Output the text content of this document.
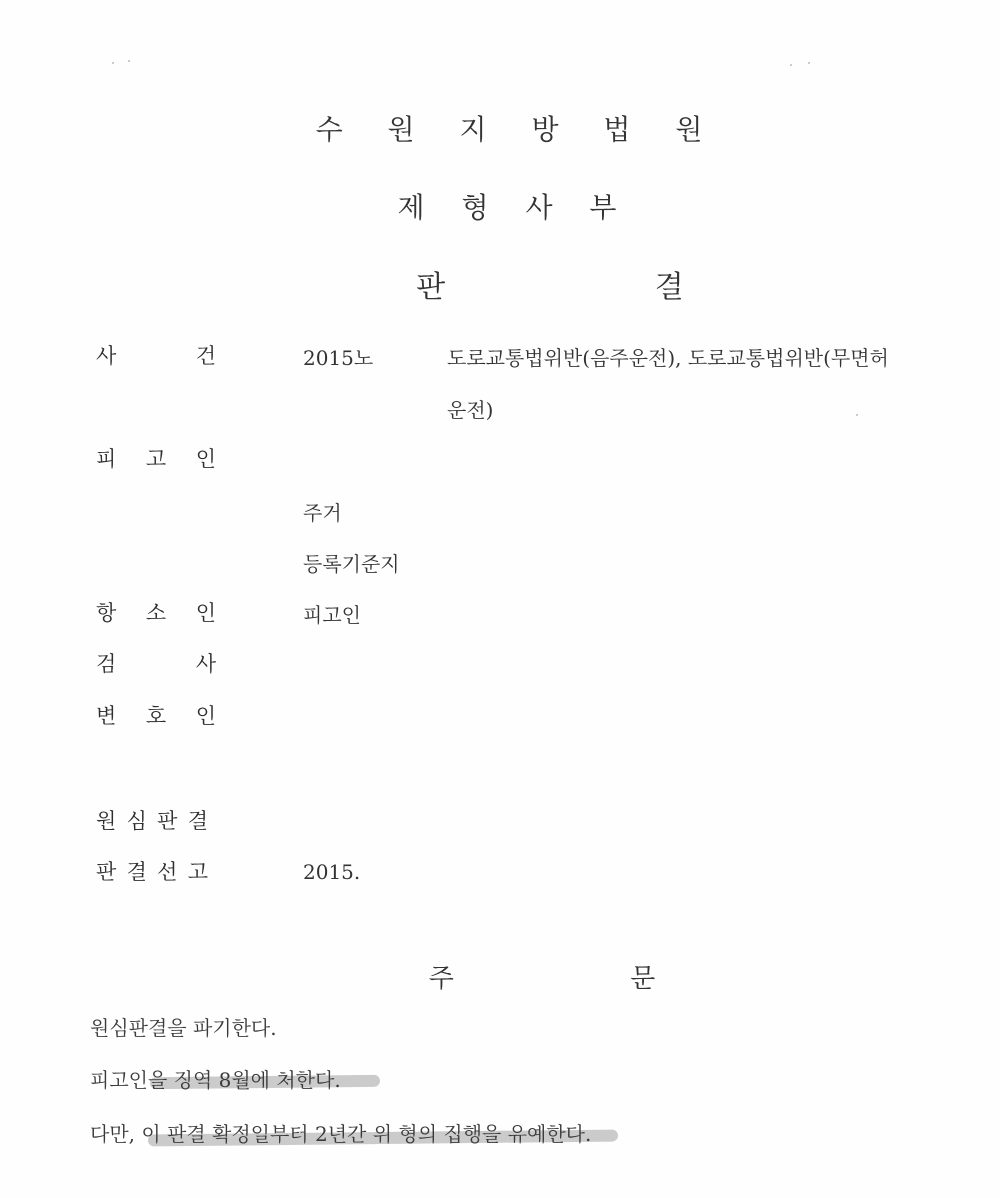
수 원 지 방 법 원
제 형 사 부
판 결
사	건	2015노	도로교통법위반(음주운전), 도로교통법위반(무면허
운전)
피 고 인
주거
등록기준지
항 소 인	피고인
검	사
변 호 인
원 심 판 결
판 결 선 고	2015.
주 문
원심판결을 파기한다.
피고인을 징역 8월에 처한다.
다만, 이 판결 확정일부터 2년간 위 형의 집행을 유예한다.
